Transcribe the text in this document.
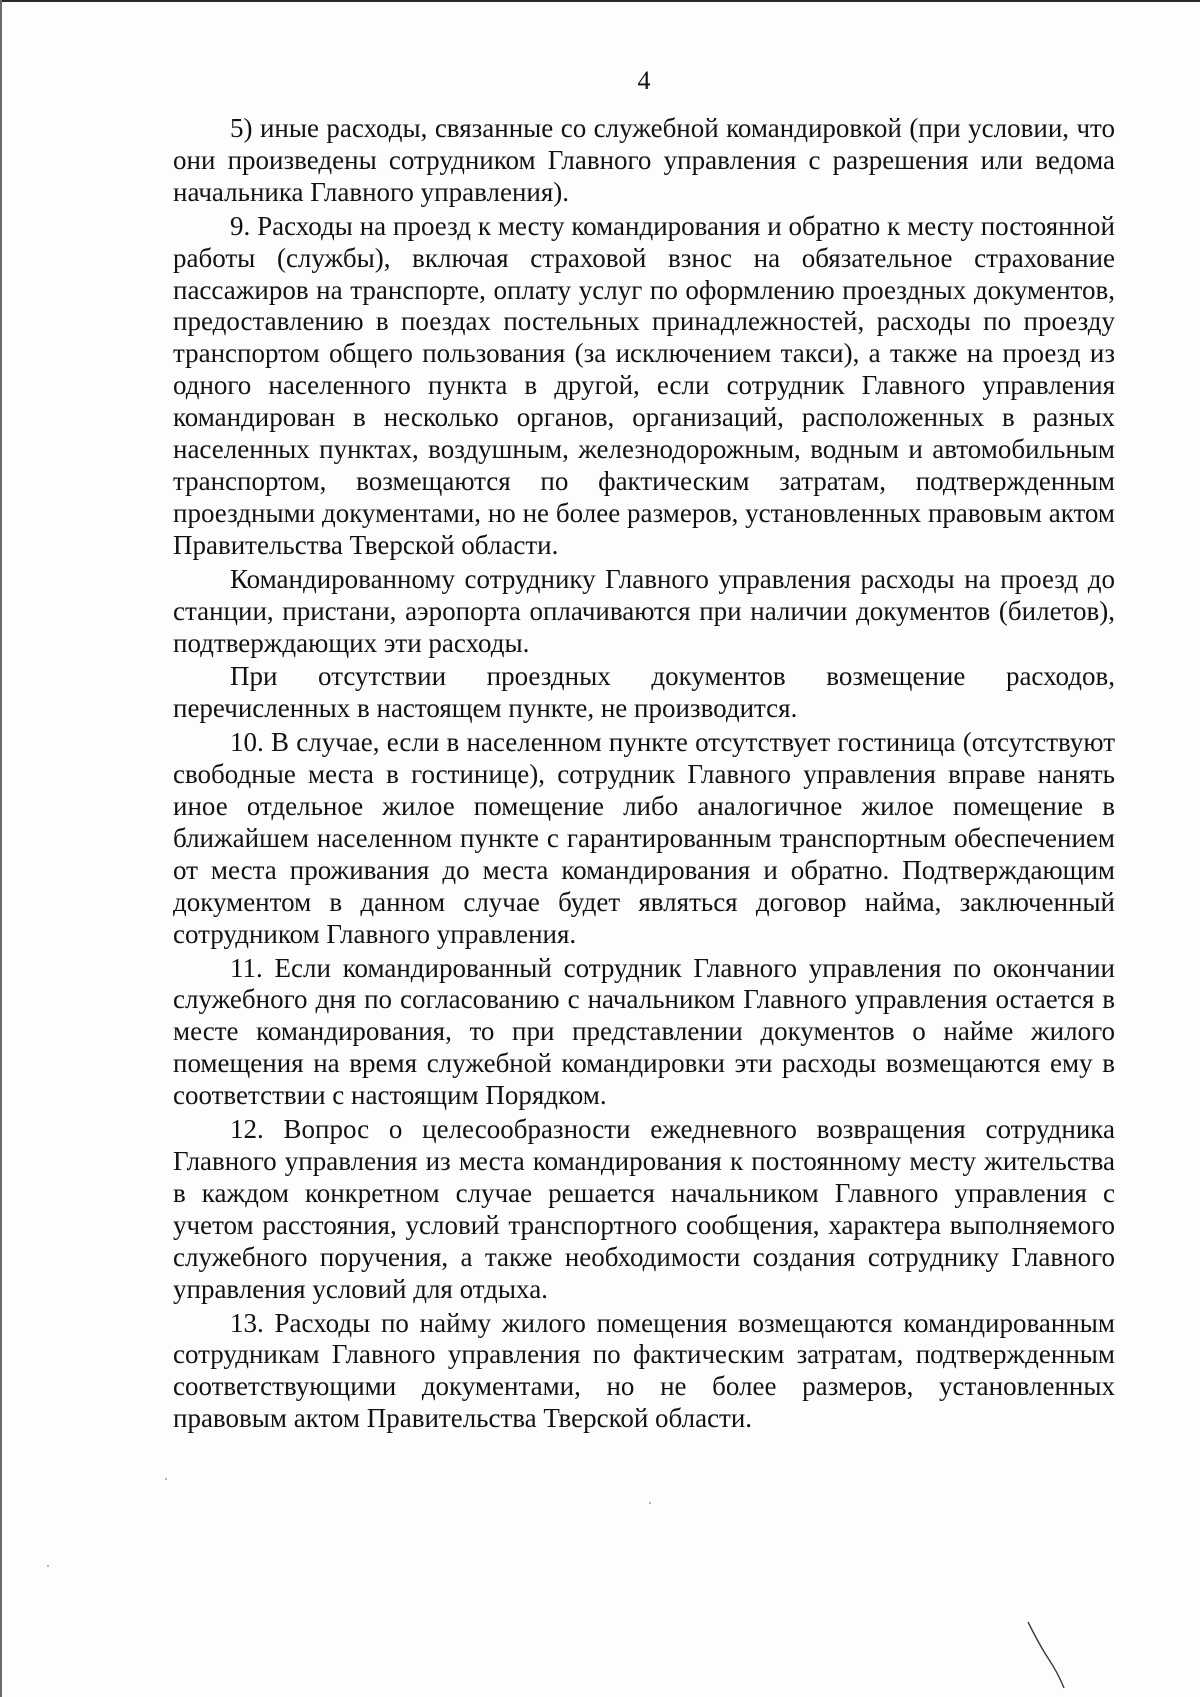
4

5) иные расходы, связанные со служебной командировкой (при условии, что они произведены сотрудником Главного управления с разрешения или ведома начальника Главного управления).

9. Расходы на проезд к месту командирования и обратно к месту постоянной работы (службы), включая страховой взнос на обязательное страхование пассажиров на транспорте, оплату услуг по оформлению проездных документов, предоставлению в поездах постельных принадлежностей, расходы по проезду транспортом общего пользования (за исключением такси), а также на проезд из одного населенного пункта в другой, если сотрудник Главного управления командирован в несколько органов, организаций, расположенных в разных населенных пунктах, воздушным, железнодорожным, водным и автомобильным транспортом, возмещаются по фактическим затратам, подтвержденным проездными документами, но не более размеров, установленных правовым актом Правительства Тверской области.

Командированному сотруднику Главного управления расходы на проезд до станции, пристани, аэропорта оплачиваются при наличии документов (билетов), подтверждающих эти расходы.

При отсутствии проездных документов возмещение расходов, перечисленных в настоящем пункте, не производится.

10. В случае, если в населенном пункте отсутствует гостиница (отсутствуют свободные места в гостинице), сотрудник Главного управления вправе нанять иное отдельное жилое помещение либо аналогичное жилое помещение в ближайшем населенном пункте с гарантированным транспортным обеспечением от места проживания до места командирования и обратно. Подтверждающим документом в данном случае будет являться договор найма, заключенный сотрудником Главного управления.

11. Если командированный сотрудник Главного управления по окончании служебного дня по согласованию с начальником Главного управления остается в месте командирования, то при представлении документов о найме жилого помещения на время служебной командировки эти расходы возмещаются ему в соответствии с настоящим Порядком.

12. Вопрос о целесообразности ежедневного возвращения сотрудника Главного управления из места командирования к постоянному месту жительства в каждом конкретном случае решается начальником Главного управления с учетом расстояния, условий транспортного сообщения, характера выполняемого служебного поручения, а также необходимости создания сотруднику Главного управления условий для отдыха.

13. Расходы по найму жилого помещения возмещаются командированным сотрудникам Главного управления по фактическим затратам, подтвержденным соответствующими документами, но не более размеров, установленных правовым актом Правительства Тверской области.
